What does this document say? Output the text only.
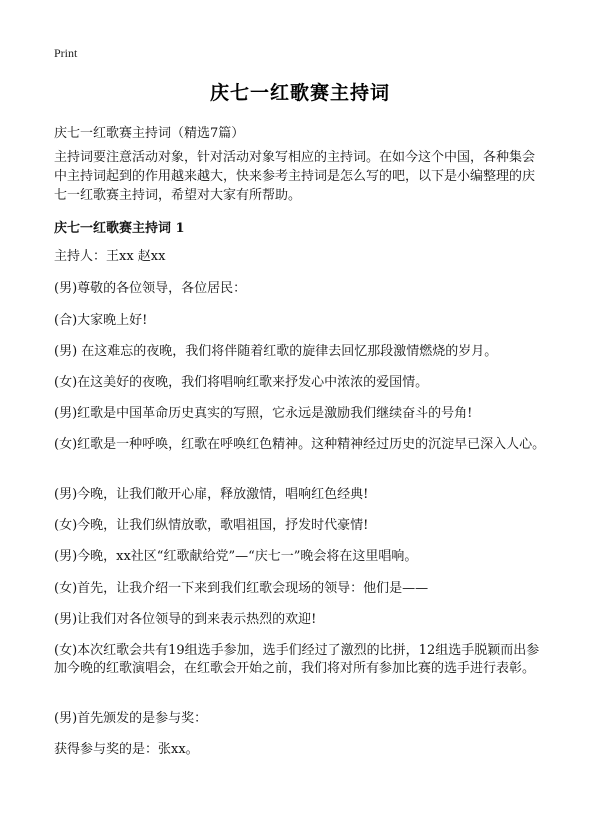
Print
庆七一红歌赛主持词

庆七一红歌赛主持词（精选7篇）

主持词要注意活动对象，针对活动对象写相应的主持词。在如今这个中国，各种集会中主持词起到的作用越来越大，快来参考主持词是怎么写的吧，以下是小编整理的庆七一红歌赛主持词，希望对大家有所帮助。

庆七一红歌赛主持词 1

主持人：王xx 赵xx

(男)尊敬的各位领导，各位居民：

(合)大家晚上好!

(男) 在这难忘的夜晚，我们将伴随着红歌的旋律去回忆那段激情燃烧的岁月。

(女)在这美好的夜晚，我们将唱响红歌来抒发心中浓浓的爱国情。

(男)红歌是中国革命历史真实的写照，它永远是激励我们继续奋斗的号角!

(女)红歌是一种呼唤，红歌在呼唤红色精神。这种精神经过历史的沉淀早已深入人心。

(男)今晚，让我们敞开心扉，释放激情，唱响红色经典!

(女)今晚，让我们纵情放歌，歌唱祖国，抒发时代豪情!

(男)今晚，xx社区“红歌献给党”—“庆七一”晚会将在这里唱响。

(女)首先，让我介绍一下来到我们红歌会现场的领导：他们是——

(男)让我们对各位领导的到来表示热烈的欢迎!

(女)本次红歌会共有19组选手参加，选手们经过了激烈的比拼，12组选手脱颖而出参加今晚的红歌演唱会，在红歌会开始之前，我们将对所有参加比赛的选手进行表彰。

(男)首先颁发的是参与奖：

获得参与奖的是：张xx。
